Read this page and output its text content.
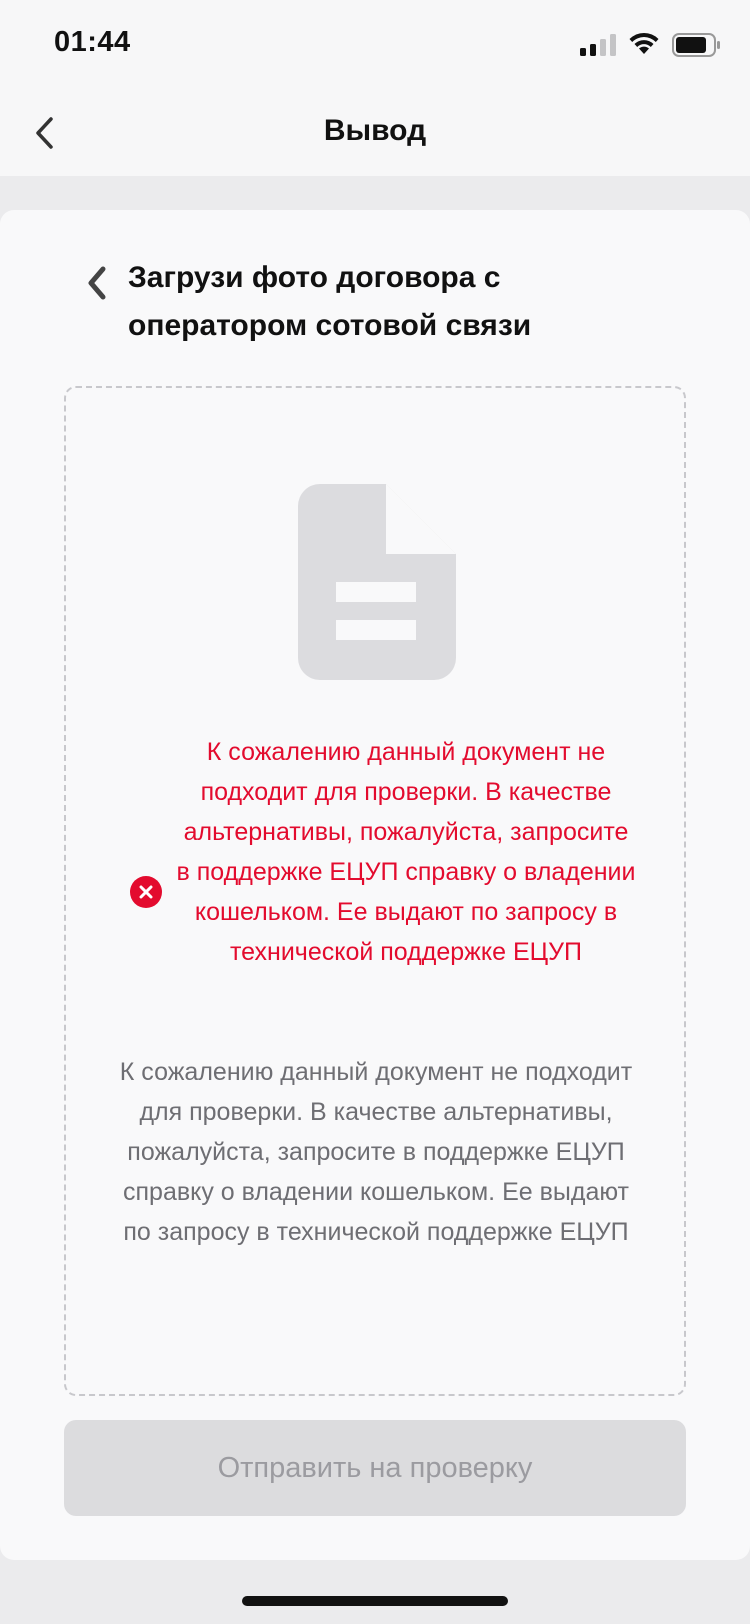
01:44
Вывод
Загрузи фото договора с оператором сотовой связи
К сожалению данный документ не подходит для проверки. В качестве альтернативы, пожалуйста, запросите в поддержке ЕЦУП справку о владении кошельком. Ее выдают по запросу в технической поддержке ЕЦУП
К сожалению данный документ не подходит для проверки. В качестве альтернативы, пожалуйста, запросите в поддержке ЕЦУП справку о владении кошельком. Ее выдают по запросу в технической поддержке ЕЦУП
Отправить на проверку
